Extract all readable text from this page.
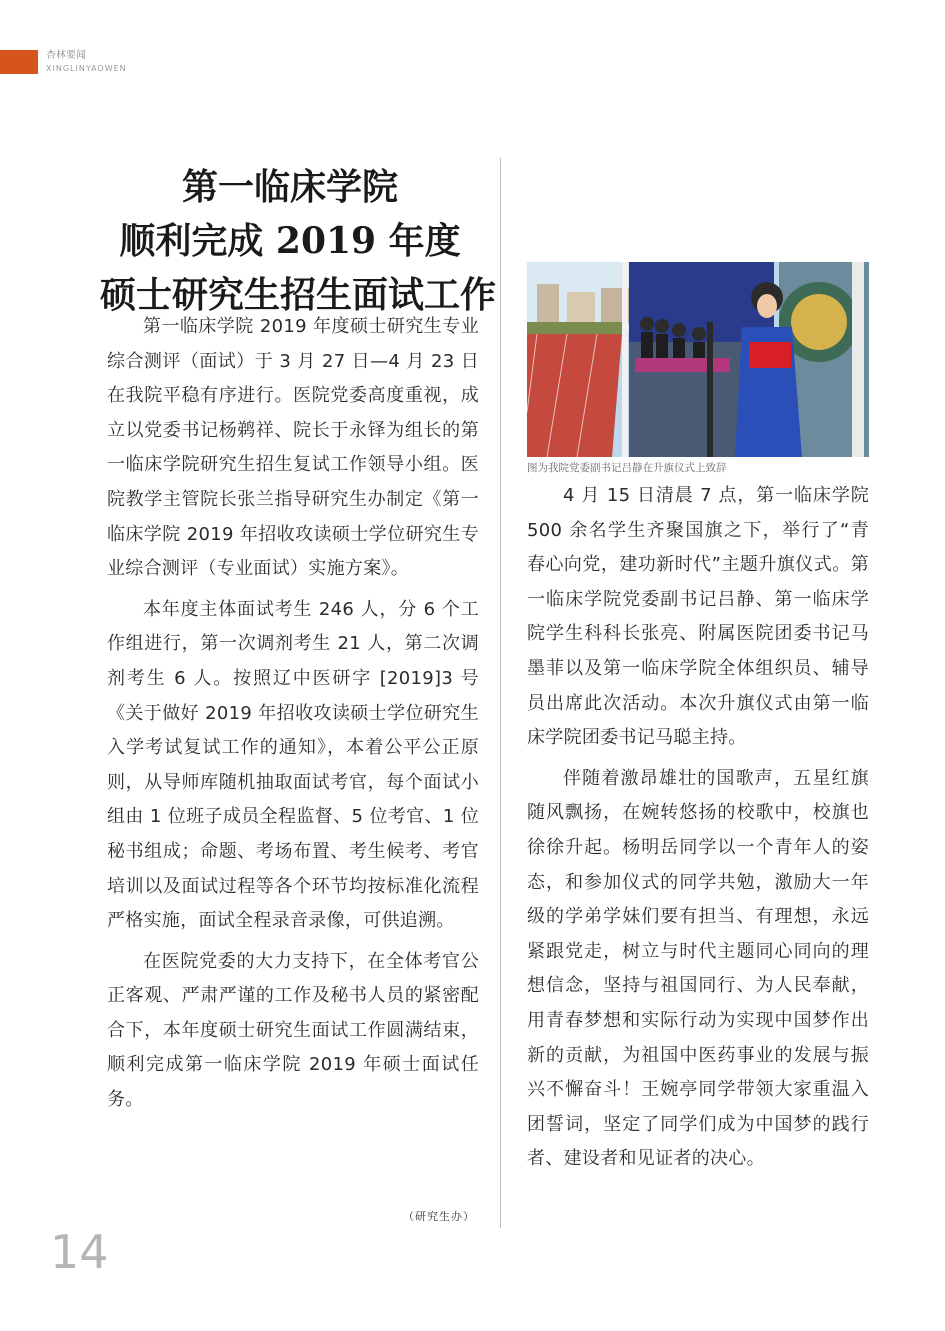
杏林要闻
XINGLINYAOWEN
第一临床学院
顺利完成 2019 年度
硕士研究生招生面试工作

第一临床学院 2019 年度硕士研究生专业综合测评（面试）于 3 月 27 日—4 月 23 日在我院平稳有序进行。医院党委高度重视，成立以党委书记杨鹈祥、院长于永铎为组长的第一临床学院研究生招生复试工作领导小组。医院教学主管院长张兰指导研究生办制定《第一临床学院 2019 年招收攻读硕士学位研究生专业综合测评（专业面试）实施方案》。

本年度主体面试考生 246 人，分 6 个工作组进行，第一次调剂考生 21 人，第二次调剂考生 6 人。按照辽中医研字 [2019]3 号《关于做好 2019 年招收攻读硕士学位研究生入学考试复试工作的通知》，本着公平公正原则，从导师库随机抽取面试考官，每个面试小组由 1 位班子成员全程监督、5 位考官、1 位秘书组成；命题、考场布置、考生候考、考官培训以及面试过程等各个环节均按标准化流程严格实施，面试全程录音录像，可供追溯。

在医院党委的大力支持下，在全体考官公正客观、严肃严谨的工作及秘书人员的紧密配合下，本年度硕士研究生面试工作圆满结束，顺利完成第一临床学院 2019 年硕士面试任务。

（研究生办）
图为我院党委副书记吕静在升旗仪式上致辞

4 月 15 日清晨 7 点，第一临床学院 500 余名学生齐聚国旗之下，举行了“青春心向党，建功新时代”主题升旗仪式。第一临床学院党委副书记吕静、第一临床学院学生科科长张亮、附属医院团委书记马墨菲以及第一临床学院全体组织员、辅导员出席此次活动。本次升旗仪式由第一临床学院团委书记马聪主持。

伴随着激昂雄壮的国歌声，五星红旗随风飘扬，在婉转悠扬的校歌中，校旗也徐徐升起。杨明岳同学以一个青年人的姿态，和参加仪式的同学共勉，激励大一年级的学弟学妹们要有担当、有理想，永远紧跟党走，树立与时代主题同心同向的理想信念，坚持与祖国同行、为人民奉献，用青春梦想和实际行动为实现中国梦作出新的贡献，为祖国中医药事业的发展与振兴不懈奋斗！王婉亭同学带领大家重温入团誓词，坚定了同学们成为中国梦的践行者、建设者和见证者的决心。

14
